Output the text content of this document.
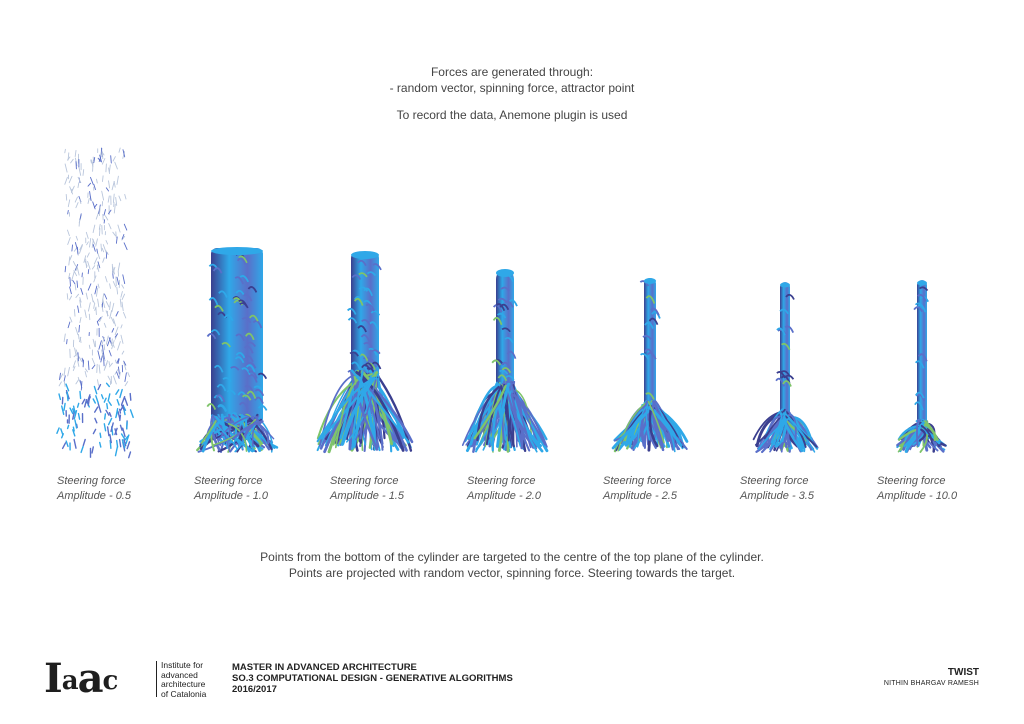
Forces are generated through:

- random vector, spinning force, attractor point

To record the data, Anemone plugin is used

Steering force
Amplitude - 0.5
Steering force
Amplitude - 1.0
Steering force
Amplitude - 1.5
Steering force
Amplitude - 2.0
Steering force
Amplitude - 2.5
Steering force
Amplitude - 3.5
Steering force
Amplitude - 10.0

Points from the bottom of the cylinder are targeted to the centre of the top plane of the cylinder.

Points are projected with random vector, spinning force. Steering towards the target.

$I^aa^c$
Institute for
advanced
architecture
of Catalonia
MASTER IN ADVANCED ARCHITECTURE
SO.3 COMPUTATIONAL DESIGN - GENERATIVE ALGORITHMS
2016/2017
TWIST
NITHIN BHARGAV RAMESH
